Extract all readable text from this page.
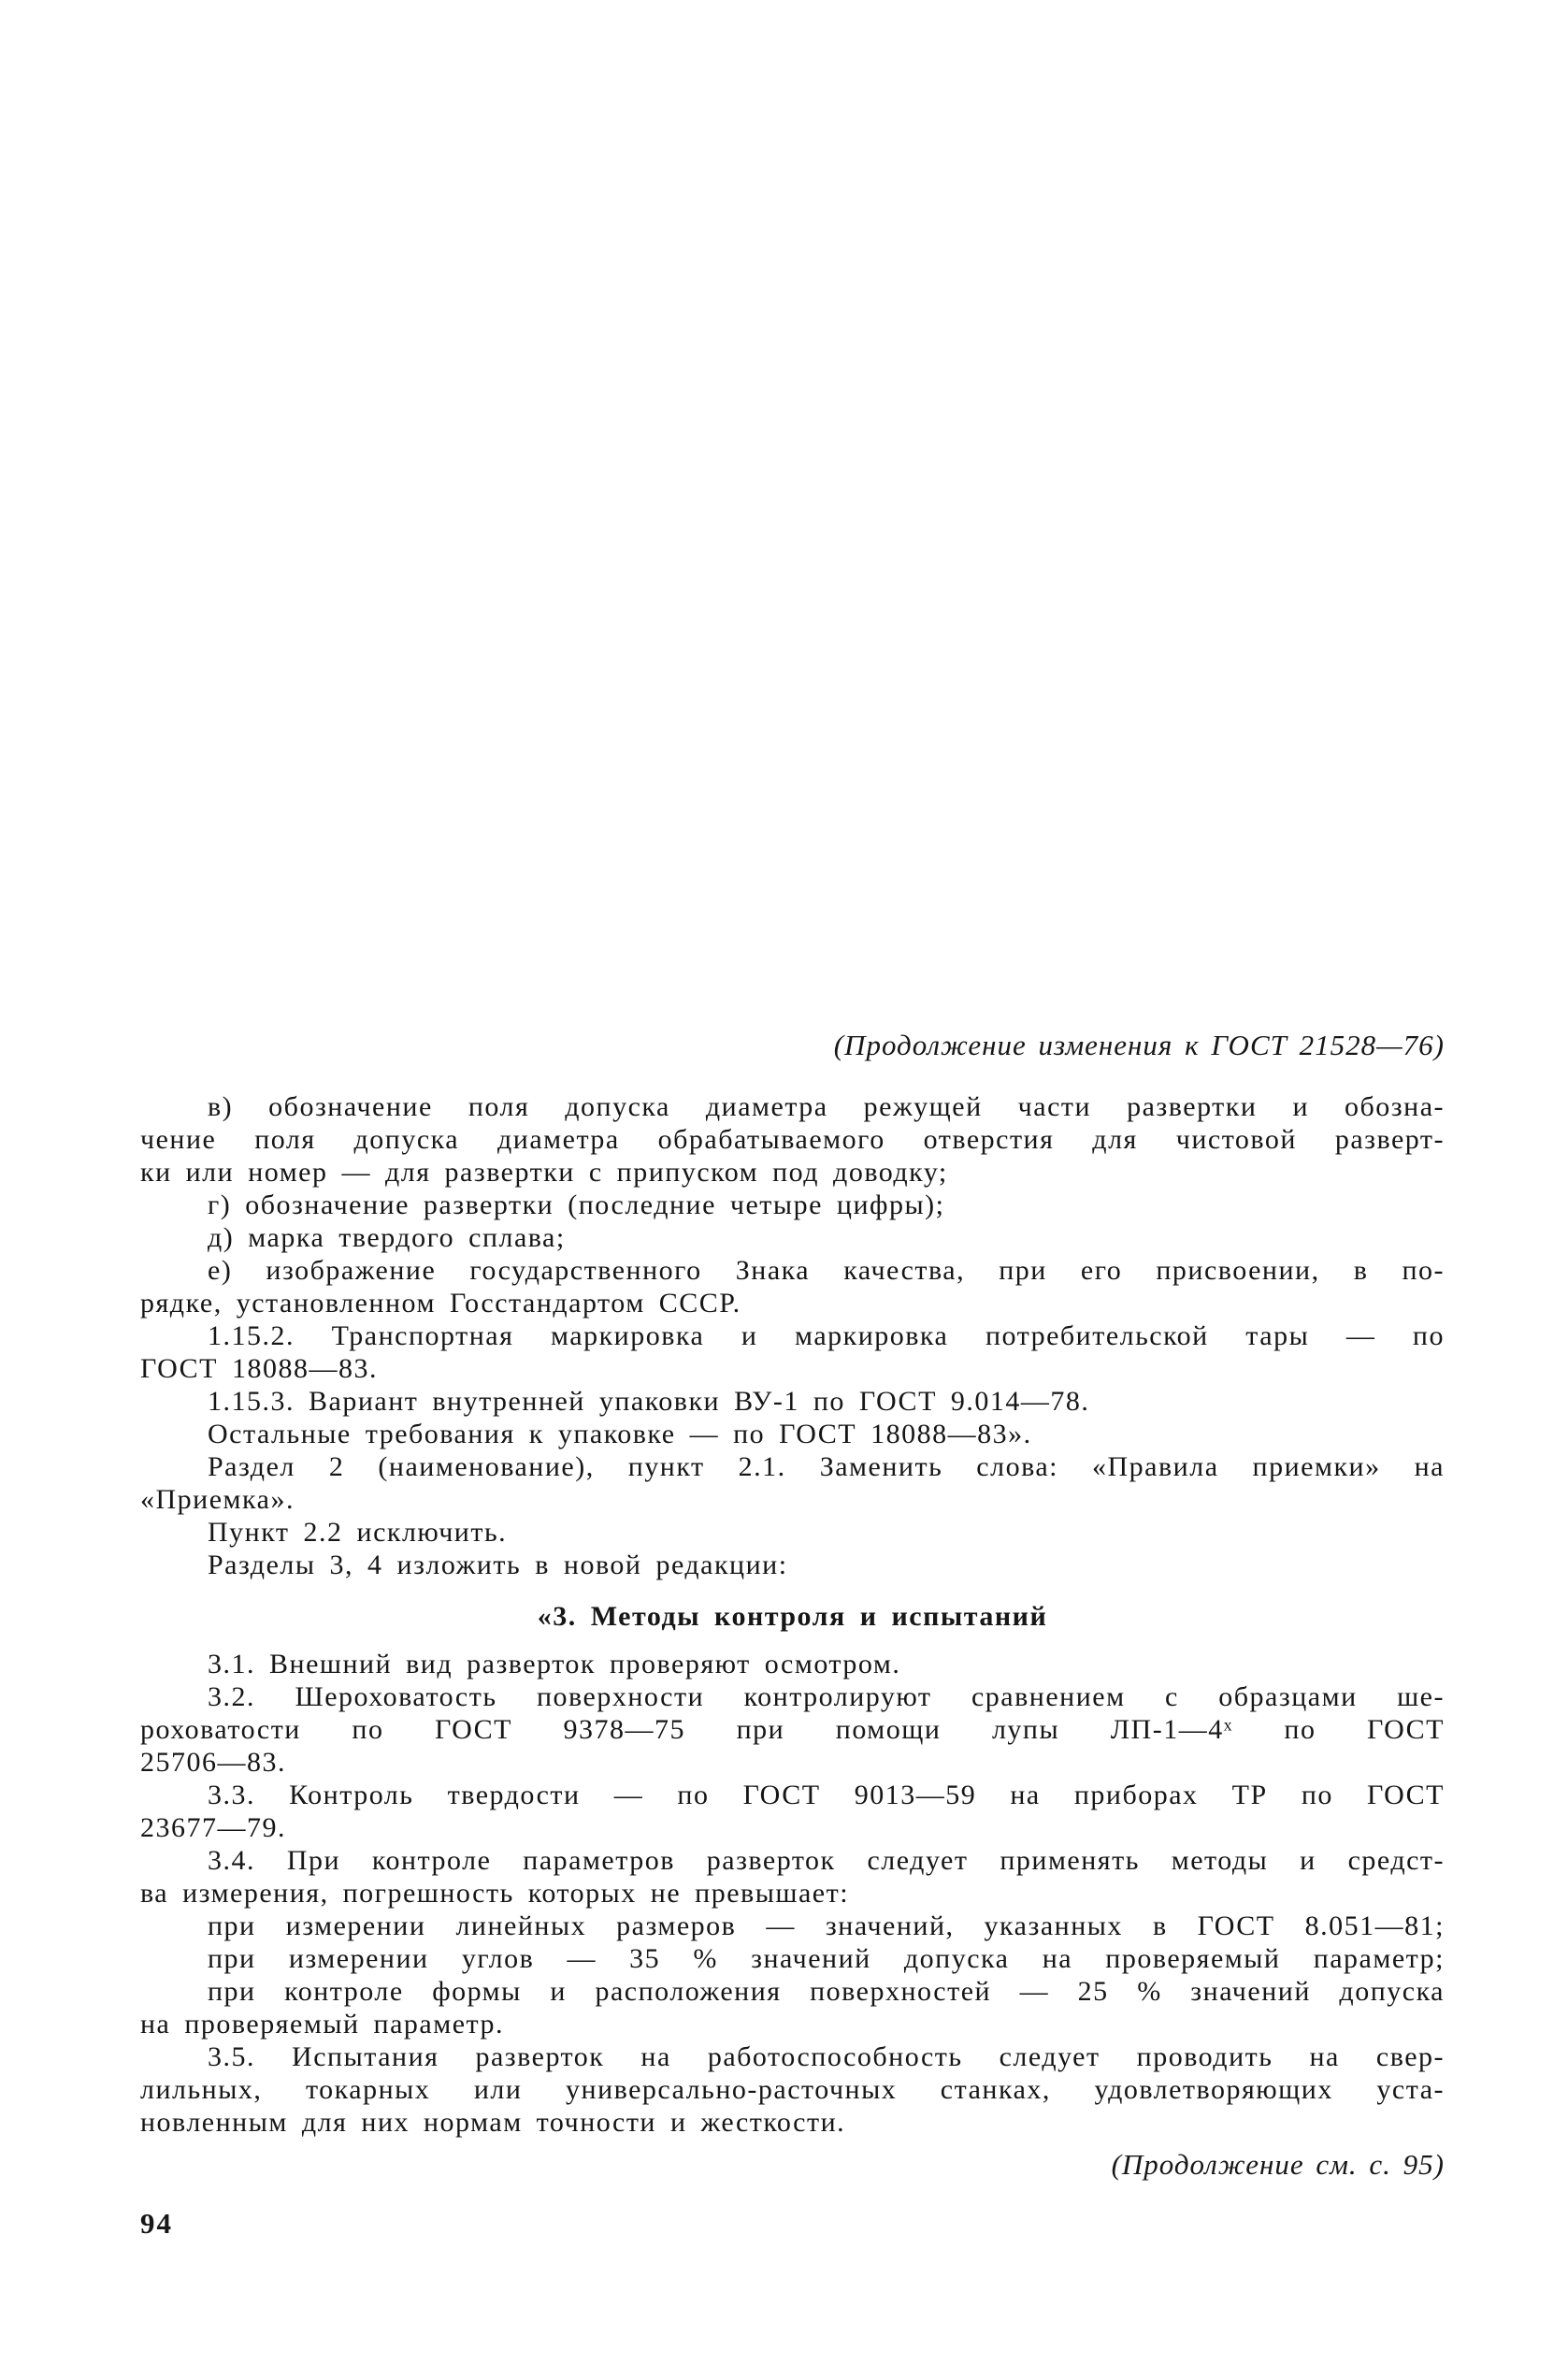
(Продолжение изменения к ГОСТ 21528—76)
в) обозначение поля допуска диаметра режущей части развертки и обозна-
чение поля допуска диаметра обрабатываемого отверстия для чистовой разверт-
ки или номер — для развертки с припуском под доводку;
г) обозначение развертки (последние четыре цифры);
д) марка твердого сплава;
е) изображение государственного Знака качества, при его присвоении, в по-
рядке, установленном Госстандартом СССР.
1.15.2. Транспортная маркировка и маркировка потребительской тары — по
ГОСТ 18088—83.
1.15.3. Вариант внутренней упаковки ВУ-1 по ГОСТ 9.014—78.
Остальные требования к упаковке — по ГОСТ 18088—83».
Раздел 2 (наименование), пункт 2.1. Заменить слова: «Правила приемки» на
«Приемка».
Пункт 2.2 исключить.
Разделы 3, 4 изложить в новой редакции:
«3. Методы контроля и испытаний
3.1. Внешний вид разверток проверяют осмотром.
3.2. Шероховатость поверхности контролируют сравнением с образцами ше-
роховатости по ГОСТ 9378—75 при помощи лупы ЛП-1—4ˣ по ГОСТ
25706—83.
3.3. Контроль твердости — по ГОСТ 9013—59 на приборах ТР по ГОСТ
23677—79.
3.4. При контроле параметров разверток следует применять методы и средст-
ва измерения, погрешность которых не превышает:
при измерении линейных размеров — значений, указанных в ГОСТ 8.051—81;
при измерении углов — 35 % значений допуска на проверяемый параметр;
при контроле формы и расположения поверхностей — 25 % значений допуска
на проверяемый параметр.
3.5. Испытания разверток на работоспособность следует проводить на свер-
лильных, токарных или универсально-расточных станках, удовлетворяющих уста-
новленным для них нормам точности и жесткости.
(Продолжение см. с. 95)
94
